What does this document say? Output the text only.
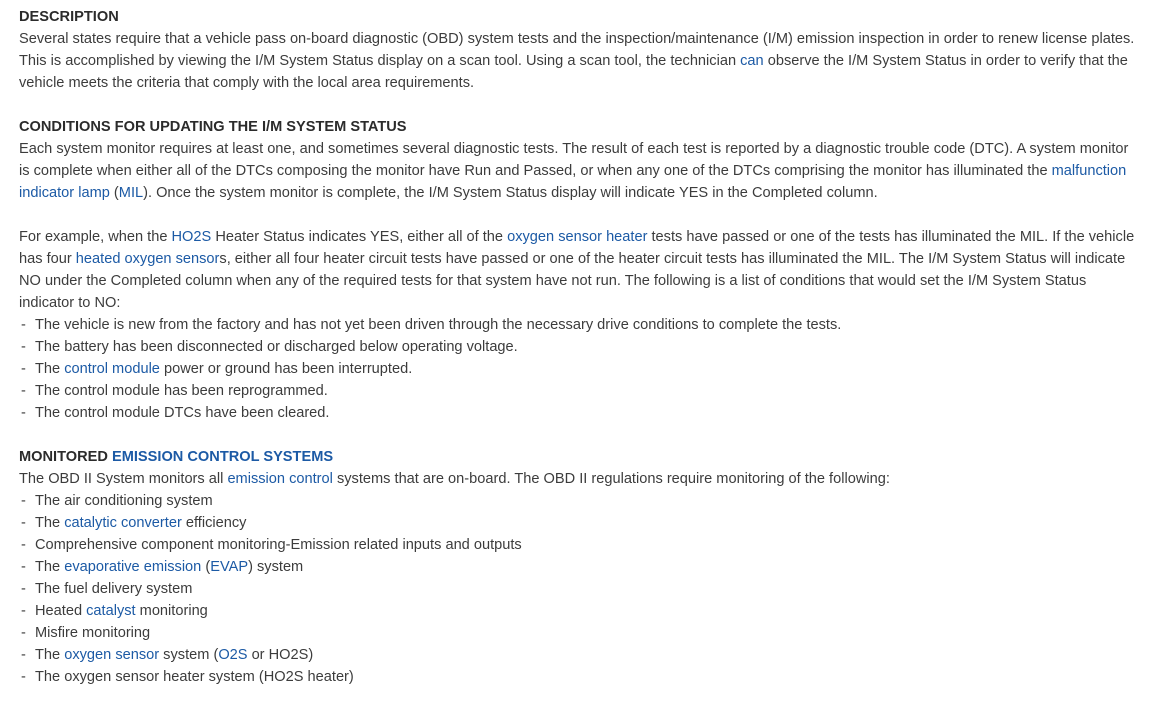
DESCRIPTION

Several states require that a vehicle pass on-board diagnostic (OBD) system tests and the inspection/maintenance (I/M) emission inspection in order to renew license plates. This is accomplished by viewing the I/M System Status display on a scan tool. Using a scan tool, the technician can observe the I/M System Status in order to verify that the vehicle meets the criteria that comply with the local area requirements.

CONDITIONS FOR UPDATING THE I/M SYSTEM STATUS

Each system monitor requires at least one, and sometimes several diagnostic tests. The result of each test is reported by a diagnostic trouble code (DTC). A system monitor is complete when either all of the DTCs composing the monitor have Run and Passed, or when any one of the DTCs comprising the monitor has illuminated the malfunction indicator lamp (MIL). Once the system monitor is complete, the I/M System Status display will indicate YES in the Completed column.

For example, when the HO2S Heater Status indicates YES, either all of the oxygen sensor heater tests have passed or one of the tests has illuminated the MIL. If the vehicle has four heated oxygen sensors, either all four heater circuit tests have passed or one of the heater circuit tests has illuminated the MIL. The I/M System Status will indicate NO under the Completed column when any of the required tests for that system have not run. The following is a list of conditions that would set the I/M System Status indicator to NO:

- The vehicle is new from the factory and has not yet been driven through the necessary drive conditions to complete the tests.
- The battery has been disconnected or discharged below operating voltage.
- The control module power or ground has been interrupted.
- The control module has been reprogrammed.
- The control module DTCs have been cleared.
MONITORED EMISSION CONTROL SYSTEMS

The OBD II System monitors all emission control systems that are on-board. The OBD II regulations require monitoring of the following:

- The air conditioning system
- The catalytic converter efficiency
- Comprehensive component monitoring-Emission related inputs and outputs
- The evaporative emission (EVAP) system
- The fuel delivery system
- Heated catalyst monitoring
- Misfire monitoring
- The oxygen sensor system (O2S or HO2S)
- The oxygen sensor heater system (HO2S heater)
